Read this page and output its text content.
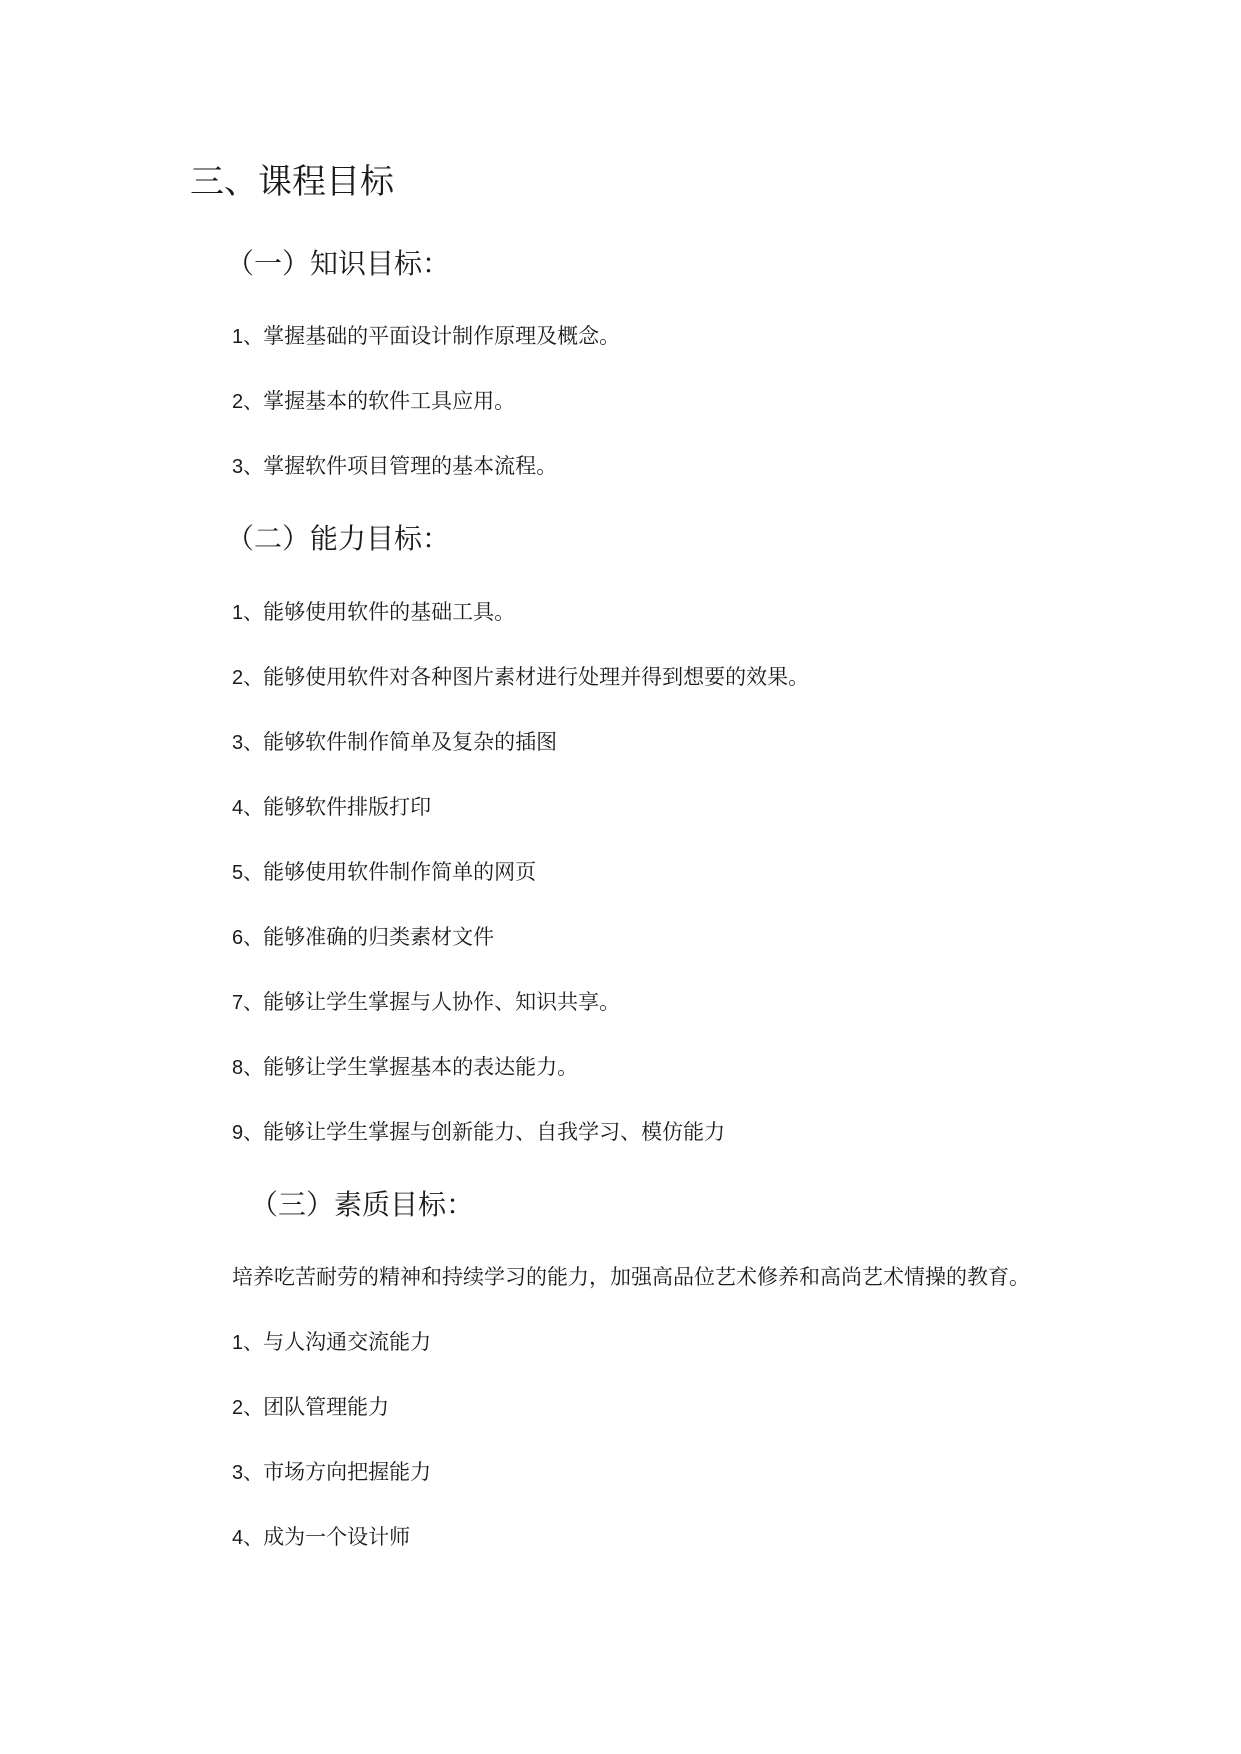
三、课程目标
（一）知识目标：
1、掌握基础的平面设计制作原理及概念。
2、掌握基本的软件工具应用。
3、掌握软件项目管理的基本流程。
（二）能力目标：
1、能够使用软件的基础工具。
2、能够使用软件对各种图片素材进行处理并得到想要的效果。
3、能够软件制作简单及复杂的插图
4、能够软件排版打印
5、能够使用软件制作简单的网页
6、能够准确的归类素材文件
7、能够让学生掌握与人协作、知识共享。
8、能够让学生掌握基本的表达能力。
9、能够让学生掌握与创新能力、自我学习、模仿能力
（三）素质目标：
培养吃苦耐劳的精神和持续学习的能力，加强高品位艺术修养和高尚艺术情操的教育。
1、与人沟通交流能力
2、团队管理能力
3、市场方向把握能力
4、成为一个设计师
